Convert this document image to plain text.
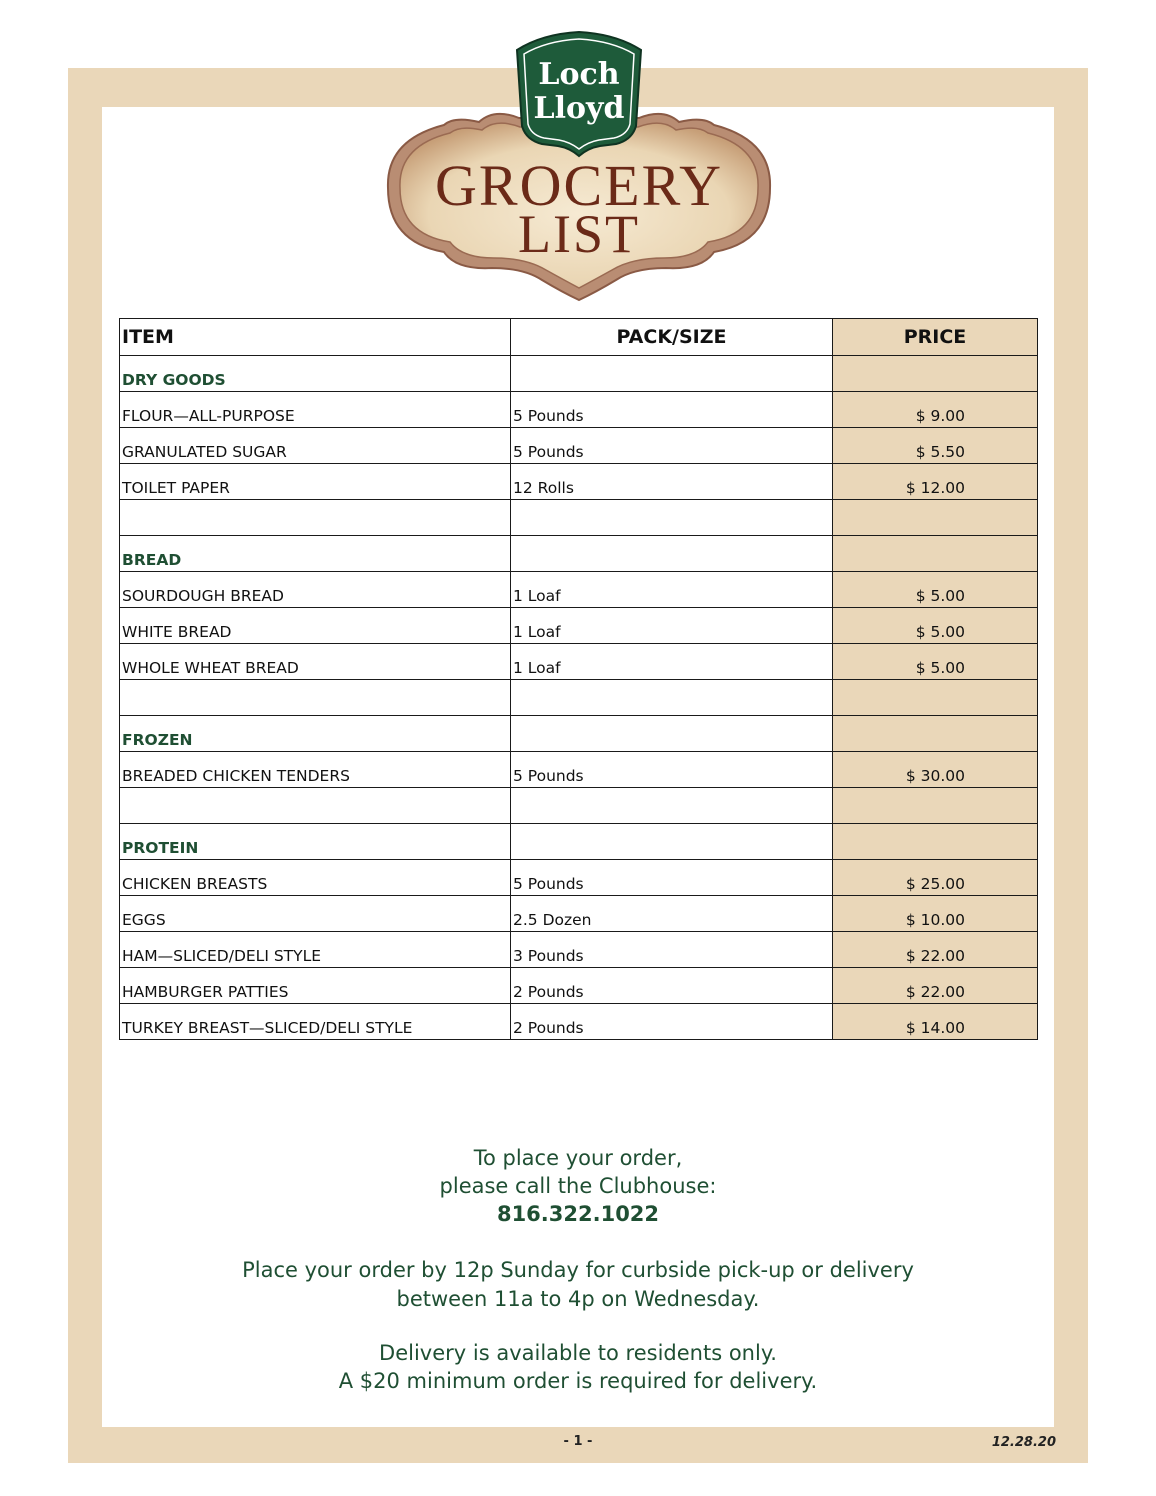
Loch
Lloyd
GROCERY
LIST
ITEM	PACK/SIZE	PRICE
DRY GOODS		
FLOUR—ALL-PURPOSE	5 Pounds	$ 9.00
GRANULATED SUGAR	5 Pounds	$ 5.50
TOILET PAPER	12 Rolls	$ 12.00

BREAD		
SOURDOUGH BREAD	1 Loaf	$ 5.00
WHITE BREAD	1 Loaf	$ 5.00
WHOLE WHEAT BREAD	1 Loaf	$ 5.00

FROZEN		
BREADED CHICKEN TENDERS	5 Pounds	$ 30.00

PROTEIN		
CHICKEN BREASTS	5 Pounds	$ 25.00
EGGS	2.5 Dozen	$ 10.00
HAM—SLICED/DELI STYLE	3 Pounds	$ 22.00
HAMBURGER PATTIES	2 Pounds	$ 22.00
TURKEY BREAST—SLICED/DELI STYLE	2 Pounds	$ 14.00
To place your order,
please call the Clubhouse:
816.322.1022
Place your order by 12p Sunday for curbside pick-up or delivery
between 11a to 4p on Wednesday.
Delivery is available to residents only.
A $20 minimum order is required for delivery.
- 1 -	12.28.20
